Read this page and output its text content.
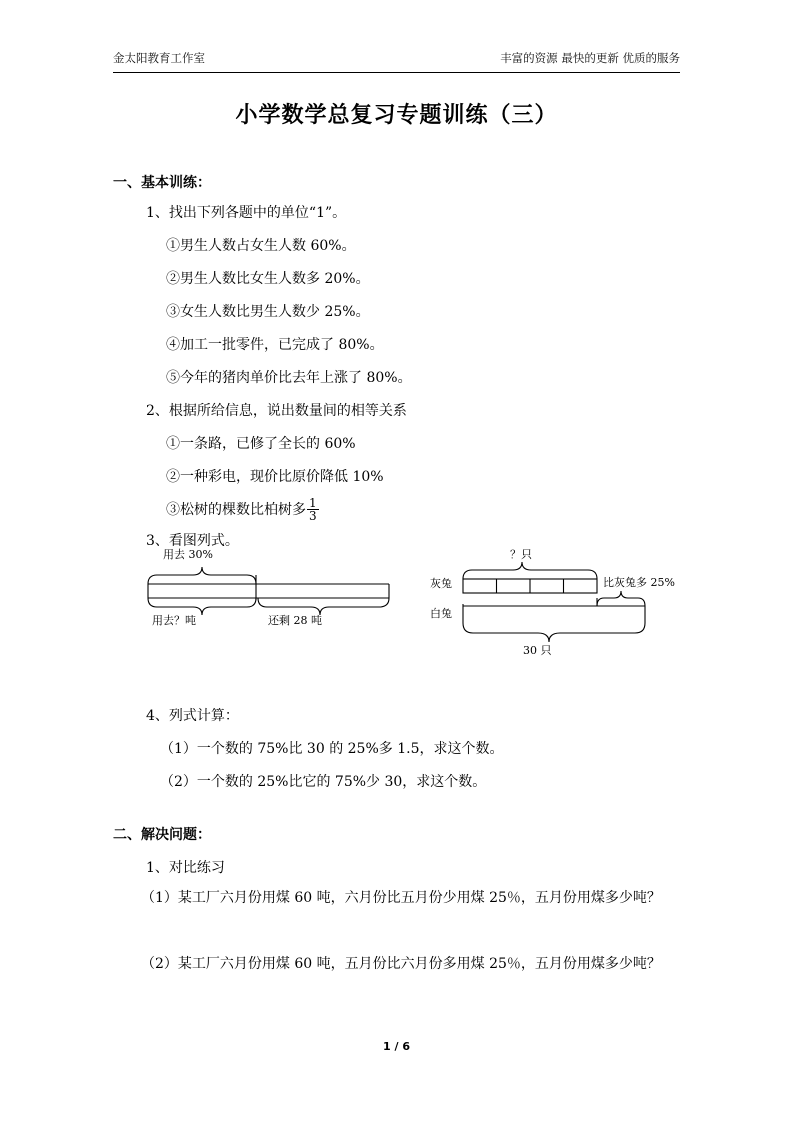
金太阳教育工作室	丰富的资源 最快的更新 优质的服务
小学数学总复习专题训练（三）
一、基本训练：
1、找出下列各题中的单位“1”。
①男生人数占女生人数 60%。
②男生人数比女生人数多 20%。
③女生人数比男生人数少 25%。
④加工一批零件，已完成了 80%。
⑤今年的猪肉单价比去年上涨了 80%。
2、根据所给信息，说出数量间的相等关系
①一条路，已修了全长的 60%
②一种彩电，现价比原价降低 10%
③松树的棵数比柏树多 $\frac{1}{3}$
3、看图列式。
用去 30%
用去？吨	还剩 28 吨
？只
灰兔
白兔
比灰兔多 25%
30 只
4、列式计算：
（1）一个数的 75%比 30 的 25%多 1.5，求这个数。
（2）一个数的 25%比它的 75%少 30，求这个数。
二、解决问题：
1、对比练习
（1）某工厂六月份用煤 60 吨，六月份比五月份少用煤 25％，五月份用煤多少吨？
（2）某工厂六月份用煤 60 吨，五月份比六月份多用煤 25％，五月份用煤多少吨？
1 / 6
